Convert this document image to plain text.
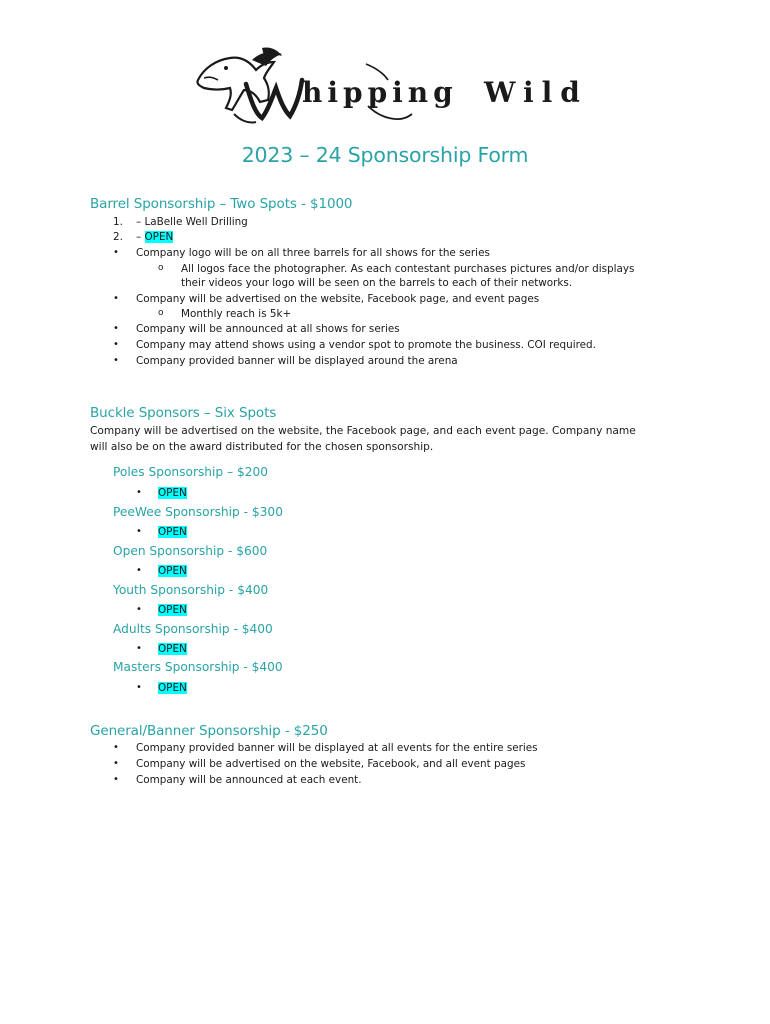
hipping Wild
2023 – 24 Sponsorship Form
Barrel Sponsorship – Two Spots - $1000
1. – LaBelle Well Drilling
2. – OPEN
• Company logo will be on all three barrels for all shows for the series
o All logos face the photographer. As each contestant purchases pictures and/or displays
their videos your logo will be seen on the barrels to each of their networks.
• Company will be advertised on the website, Facebook page, and event pages
o Monthly reach is 5k+
• Company will be announced at all shows for series
• Company may attend shows using a vendor spot to promote the business. COI required.
• Company provided banner will be displayed around the arena
Buckle Sponsors – Six Spots
Company will be advertised on the website, the Facebook page, and each event page. Company name
will also be on the award distributed for the chosen sponsorship.
Poles Sponsorship – $200
• OPEN
PeeWee Sponsorship - $300
• OPEN
Open Sponsorship - $600
• OPEN
Youth Sponsorship - $400
• OPEN
Adults Sponsorship - $400
• OPEN
Masters Sponsorship - $400
• OPEN
General/Banner Sponsorship - $250
• Company provided banner will be displayed at all events for the entire series
• Company will be advertised on the website, Facebook, and all event pages
• Company will be announced at each event.
